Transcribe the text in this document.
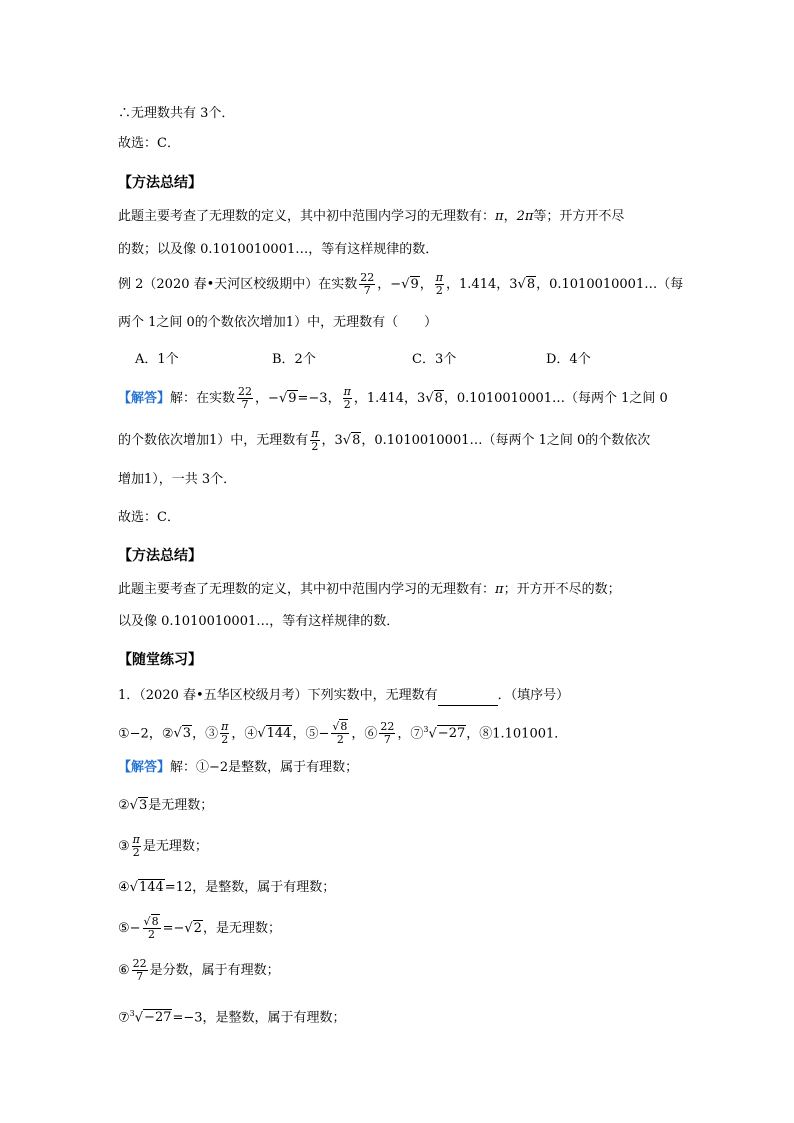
∴无理数共有 3个．
故选：C．
【方法总结】
此题主要考查了无理数的定义，其中初中范围内学习的无理数有：π，2π等；开方开不尽
的数；以及像 0.1010010001…，等有这样规律的数．
例 2（2020 春•天河区校级期中）在实数 $\frac{22}{7}$ ，−√9， $\frac{\pi}{2}$ ，1.414，3√8，0.1010010001…（每
两个 1之间 0的个数依次增加1）中，无理数有（　　）
A．1个	B．2个	C．3个	D．4个
【解答】解：在实数 $\frac{22}{7}$ ，−√9=−3， $\frac{\pi}{2}$ ，1.414，3√8，0.1010010001…（每两个 1之间 0
的个数依次增加1）中，无理数有 $\frac{\pi}{2}$ ，3√8，0.1010010001…（每两个 1之间 0的个数依次
增加1），一共 3个．
故选：C．
【方法总结】
此题主要考查了无理数的定义，其中初中范围内学习的无理数有：π；开方开不尽的数；
以及像 0.1010010001…，等有这样规律的数．
【随堂练习】
1．（2020 春•五华区校级月考）下列实数中，无理数有	．（填序号）
①−2，②√3，③ $\frac{\pi}{2}$ ，④√144，⑤− $\frac{√8}{2}$ ，⑥ $\frac{22}{7}$ ，⑦$^3$√−27，⑧1.101001．
【解答】解：①−2是整数，属于有理数；
②√3是无理数；
③ $\frac{\pi}{2}$ 是无理数；
④√144=12，是整数，属于有理数；
⑤− $\frac{√8}{2} =-√2$，是无理数；
⑥ $\frac{22}{7}$ 是分数，属于有理数；
⑦$^3$√−27=−3，是整数，属于有理数；
